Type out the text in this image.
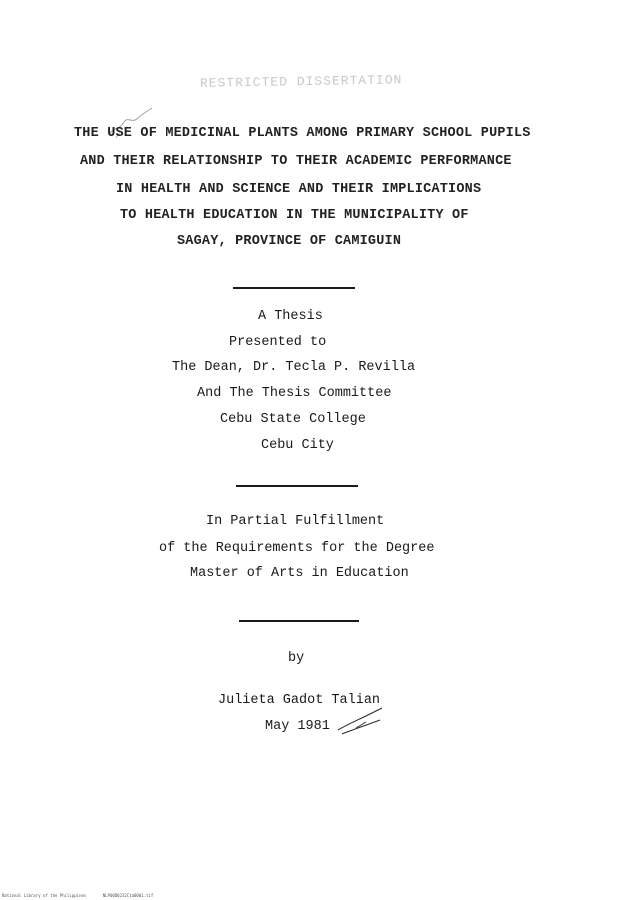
RESTRICTED DISSERTATION
THE USE OF MEDICINAL PLANTS AMONG PRIMARY SCHOOL PUPILS
AND THEIR RELATIONSHIP TO THEIR ACADEMIC PERFORMANCE
IN HEALTH AND SCIENCE AND THEIR IMPLICATIONS
TO HEALTH EDUCATION IN THE MUNICIPALITY OF
SAGAY, PROVINCE OF CAMIGUIN
A Thesis
Presented to
The Dean, Dr. Tecla P. Revilla
And The Thesis Committee
Cebu State College
Cebu City
In Partial Fulfillment
of the Requirements for the Degree
Master of Arts in Education
by
Julieta Gadot Talian
May 1981
National Library of the Philippines	NLP00D0232Cta0001.tif
